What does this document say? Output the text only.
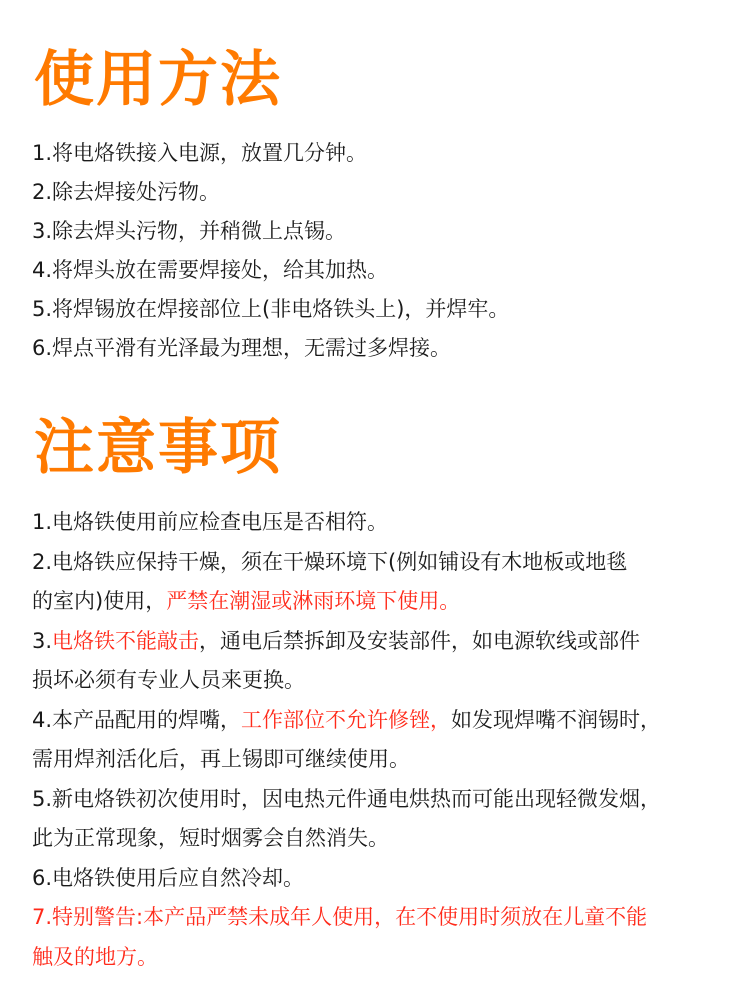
使用方法
1.将电烙铁接入电源，放置几分钟。
2.除去焊接处污物。
3.除去焊头污物，并稍微上点锡。
4.将焊头放在需要焊接处，给其加热。
5.将焊锡放在焊接部位上(非电烙铁头上)，并焊牢。
6.焊点平滑有光泽最为理想，无需过多焊接。
注意事项
1.电烙铁使用前应检查电压是否相符。
2.电烙铁应保持干燥，须在干燥环境下(例如铺设有木地板或地毯
的室内)使用，严禁在潮湿或淋雨环境下使用。
3.电烙铁不能敲击，通电后禁拆卸及安装部件，如电源软线或部件
损坏必须有专业人员来更换。
4.本产品配用的焊嘴，工作部位不允许修锉，如发现焊嘴不润锡时，
需用焊剂活化后，再上锡即可继续使用。
5.新电烙铁初次使用时，因电热元件通电烘热而可能出现轻微发烟，
此为正常现象，短时烟雾会自然消失。
6.电烙铁使用后应自然冷却。
7.特别警告:本产品严禁未成年人使用，在不使用时须放在儿童不能
触及的地方。
